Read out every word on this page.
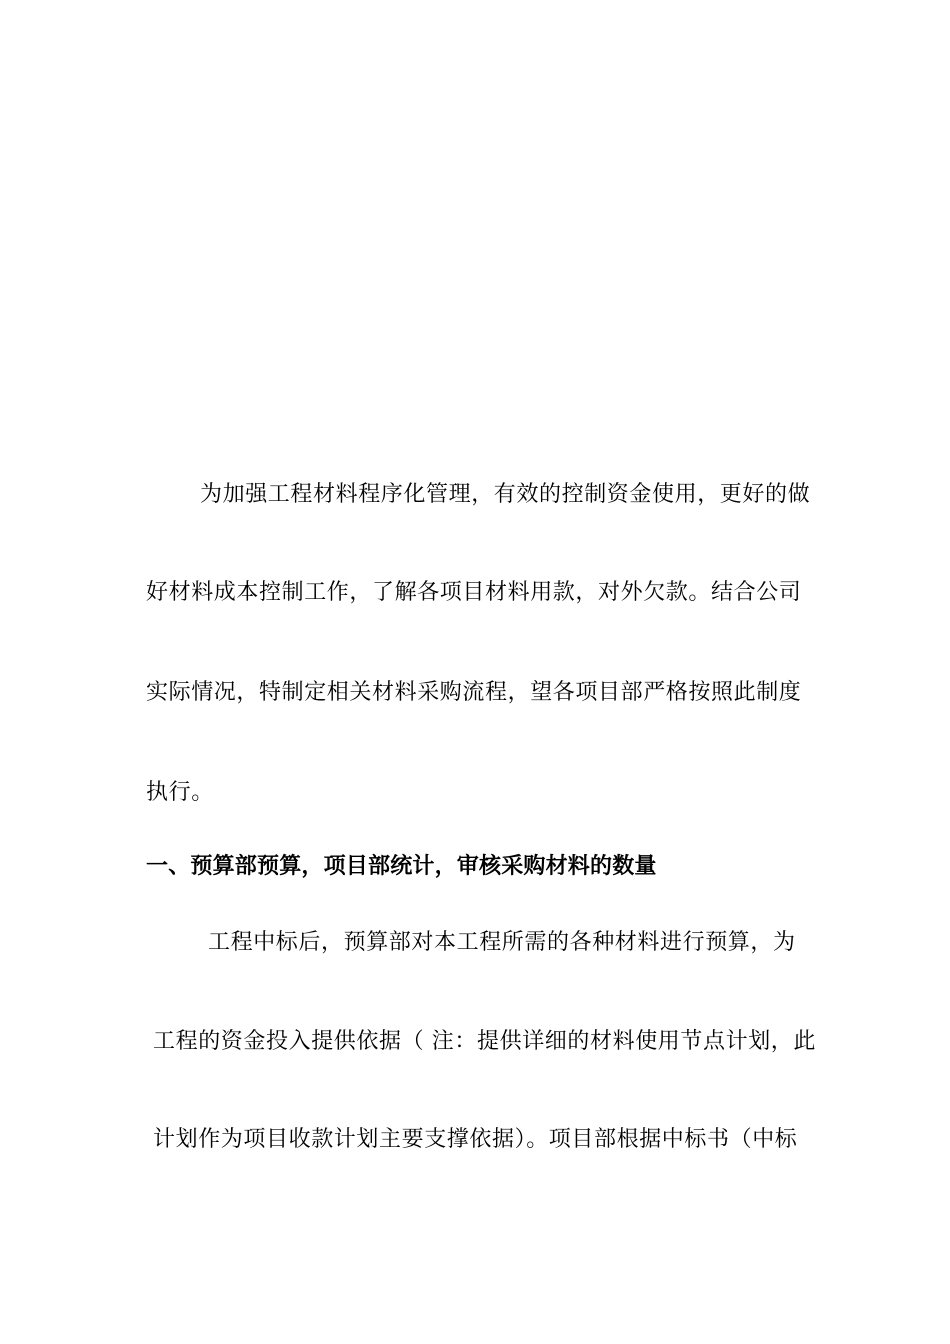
为加强工程材料程序化管理，有效的控制资金使用，更好的做
好材料成本控制工作，了解各项目材料用款，对外欠款。结合公司
实际情况，特制定相关材料采购流程，望各项目部严格按照此制度
执行。
一、预算部预算，项目部统计，审核采购材料的数量
工程中标后，预算部对本工程所需的各种材料进行预算，为
工程的资金投入提供依据（ 注：提供详细的材料使用节点计划，此
计划作为项目收款计划主要支撑依据）。项目部根据中标书（中标
